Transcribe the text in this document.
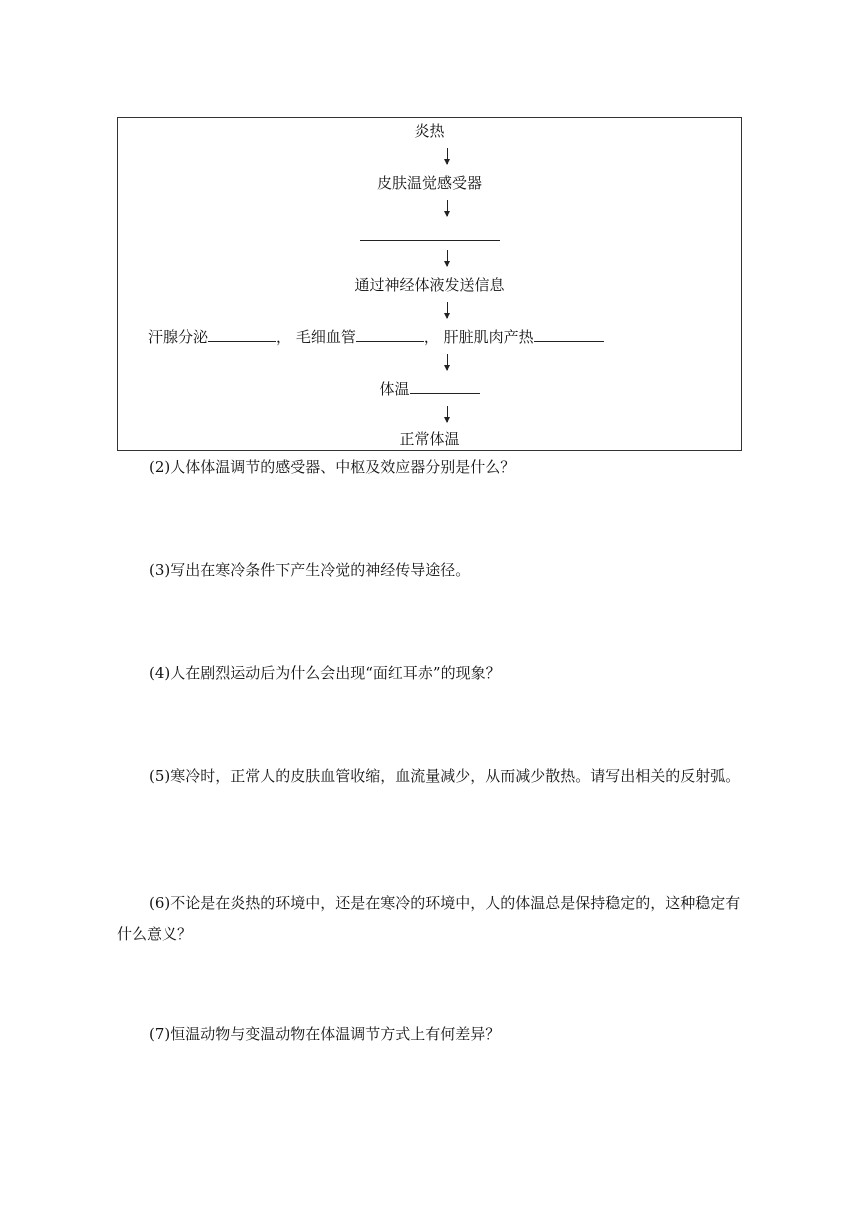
炎热
皮肤温觉感受器
通过神经体液发送信息
汗腺分泌	， 毛细血管	， 肝脏肌肉产热
体温
正常体温

(2)人体体温调节的感受器、中枢及效应器分别是什么？

(3)写出在寒冷条件下产生冷觉的神经传导途径。

(4)人在剧烈运动后为什么会出现“面红耳赤”的现象？

(5)寒冷时，正常人的皮肤血管收缩，血流量减少，从而减少散热。请写出相关的反射弧。

(6)不论是在炎热的环境中，还是在寒冷的环境中，人的体温总是保持稳定的，这种稳定有什么意义？

(7)恒温动物与变温动物在体温调节方式上有何差异？
